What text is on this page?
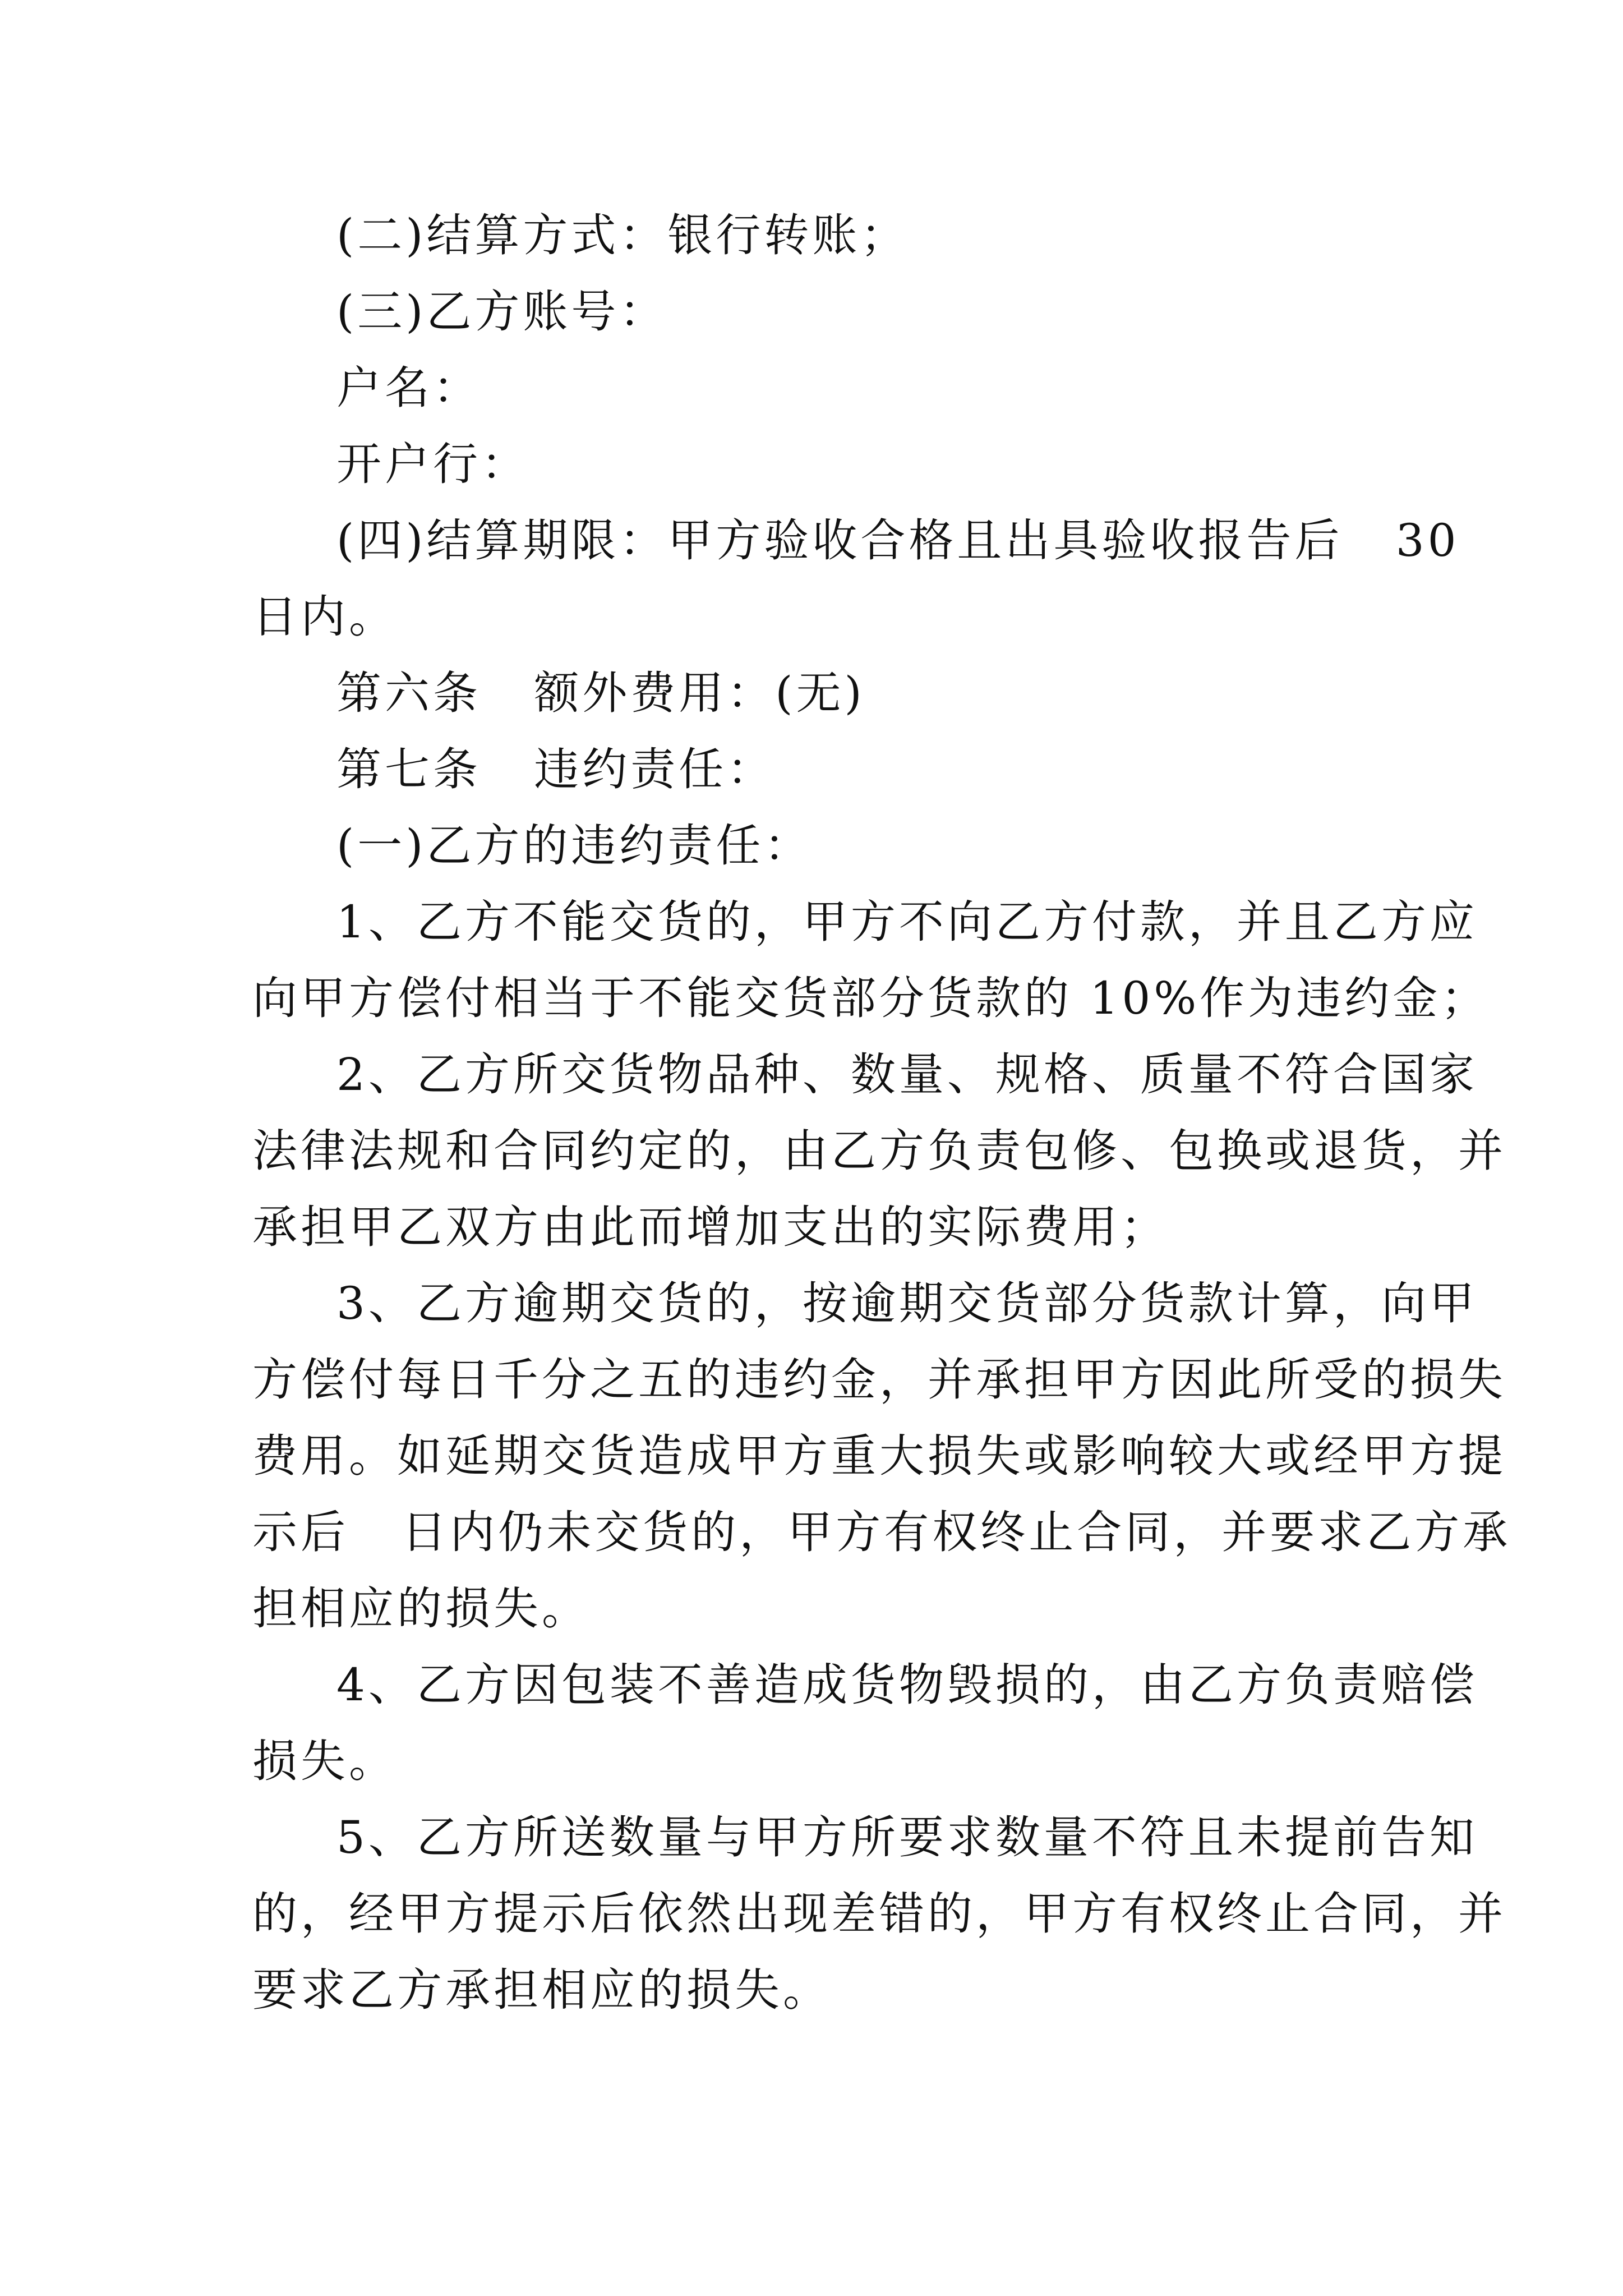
(二)结算方式：银行转账；
(三)乙方账号：
户名：
开户行：
(四)结算期限：甲方验收合格且出具验收报告后   30
日内。
第六条   额外费用：(无)
第七条   违约责任：
(一)乙方的违约责任：
1、乙方不能交货的，甲方不向乙方付款，并且乙方应
向甲方偿付相当于不能交货部分货款的 10%作为违约金；
2、乙方所交货物品种、数量、规格、质量不符合国家
法律法规和合同约定的，由乙方负责包修、包换或退货，并
承担甲乙双方由此而增加支出的实际费用；
3、乙方逾期交货的，按逾期交货部分货款计算，向甲
方偿付每日千分之五的违约金，并承担甲方因此所受的损失
费用。如延期交货造成甲方重大损失或影响较大或经甲方提
示后   日内仍未交货的，甲方有权终止合同，并要求乙方承
担相应的损失。
4、乙方因包装不善造成货物毁损的，由乙方负责赔偿
损失。
5、乙方所送数量与甲方所要求数量不符且未提前告知
的，经甲方提示后依然出现差错的，甲方有权终止合同，并
要求乙方承担相应的损失。
